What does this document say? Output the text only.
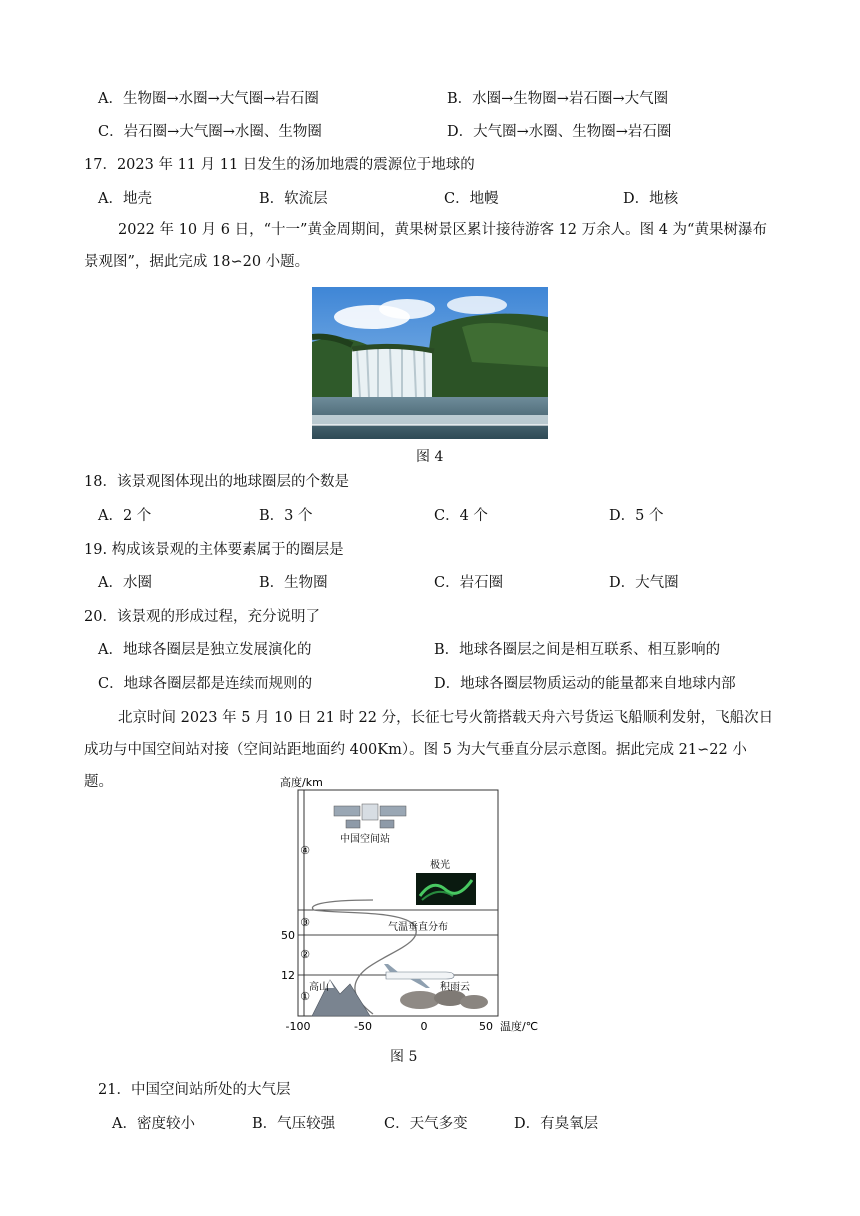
A．生物圈→水圈→大气圈→岩石圈	B．水圈→生物圈→岩石圈→大气圈
C．岩石圈→大气圈→水圈、生物圈	D．大气圈→水圈、生物圈→岩石圈
17．2023 年 11 月 11 日发生的汤加地震的震源位于地球的
A．地壳	B．软流层	C．地幔	D．地核
2022 年 10 月 6 日，“十一”黄金周期间，黄果树景区累计接待游客 12 万余人。图 4 为“黄果树瀑布景观图”，据此完成 18∽20 小题。
图 4
18．该景观图体现出的地球圈层的个数是
A．2 个	B．3 个	C．4 个	D．5 个
19. 构成该景观的主体要素属于的圈层是
A．水圈	B．生物圈	C．岩石圈	D．大气圈
20．该景观的形成过程，充分说明了
A．地球各圈层是独立发展演化的	B．地球各圈层之间是相互联系、相互影响的
C．地球各圈层都是连续而规则的	D．地球各圈层物质运动的能量都来自地球内部
北京时间 2023 年 5 月 10 日 21 时 22 分，长征七号火箭搭载天舟六号货运飞船顺利发射，飞船次日成功与中国空间站对接（空间站距地面约 400Km）。图 5 为大气垂直分层示意图。据此完成 21∽22 小题。
④
③
②
①
高度/km
50
12
-100	-50	0	50 温度/℃
气温垂直分布
中国空间站
极光
高山	积雨云
图 5
21．中国空间站所处的大气层
A．密度较小	B．气压较强	C．天气多变	D．有臭氧层
